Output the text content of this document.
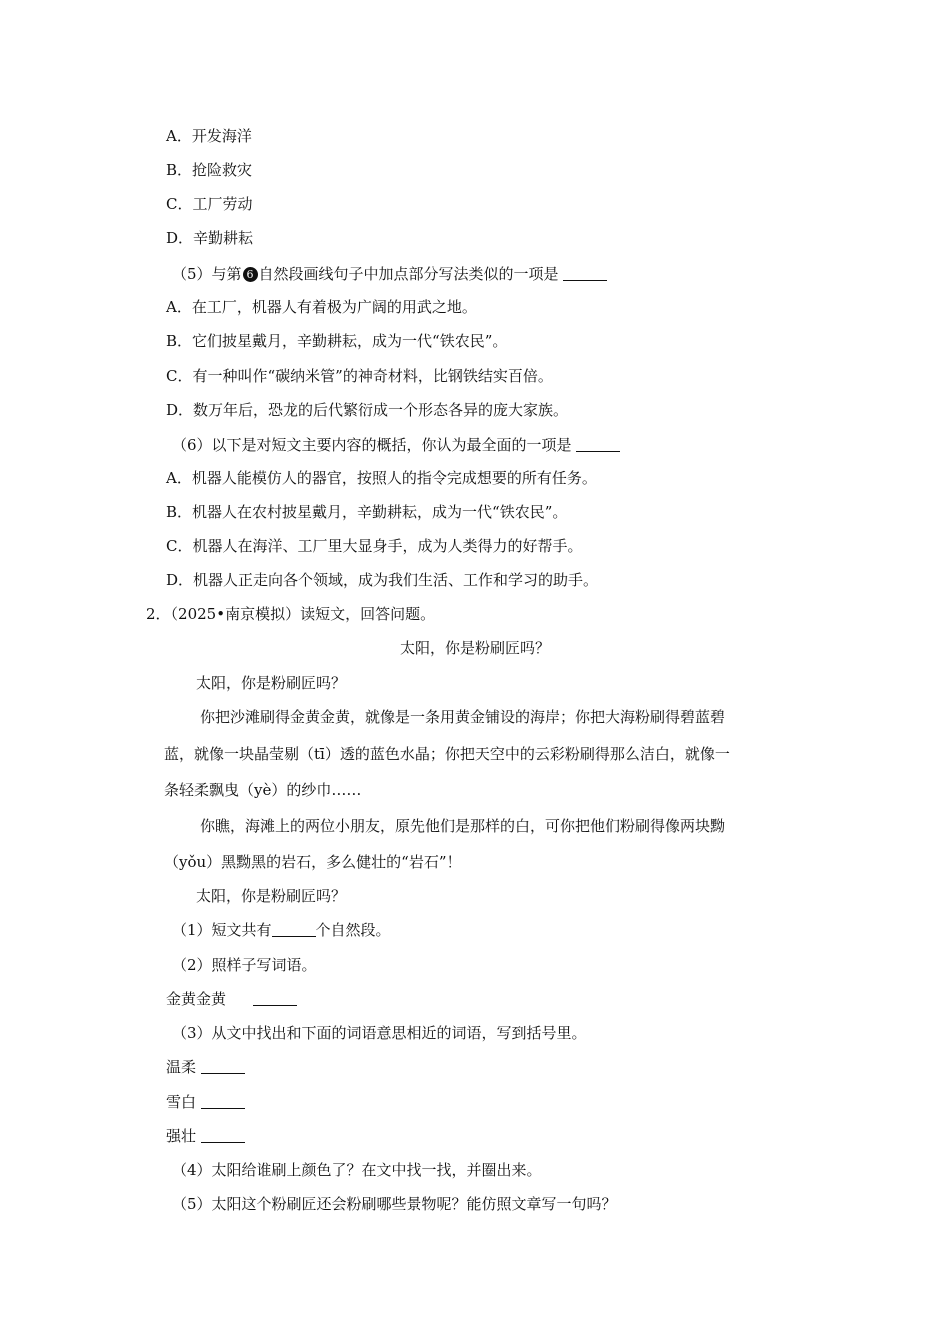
A．开发海洋
B．抢险救灾
C．工厂劳动
D．辛勤耕耘
（5）与第 6 自然段画线句子中加点部分写法类似的一项是
A．在工厂，机器人有着极为广阔的用武之地。
B．它们披星戴月，辛勤耕耘，成为一代“铁农民”。
C．有一种叫作“碳纳米管”的神奇材料，比钢铁结实百倍。
D．数万年后，恐龙的后代繁衍成一个形态各异的庞大家族。
（6）以下是对短文主要内容的概括，你认为最全面的一项是
A．机器人能模仿人的器官，按照人的指令完成想要的所有任务。
B．机器人在农村披星戴月，辛勤耕耘，成为一代“铁农民”。
C．机器人在海洋、工厂里大显身手，成为人类得力的好帮手。
D．机器人正走向各个领域，成为我们生活、工作和学习的助手。
2．（2025•南京模拟）读短文，回答问题。
太阳，你是粉刷匠吗？
太阳，你是粉刷匠吗？
你把沙滩刷得金黄金黄，就像是一条用黄金铺设的海岸；你把大海粉刷得碧蓝碧
蓝，就像一块晶莹剔（tī）透的蓝色水晶；你把天空中的云彩粉刷得那么洁白，就像一
条轻柔飘曳（yè）的纱巾……
你瞧，海滩上的两位小朋友，原先他们是那样的白，可你把他们粉刷得像两块黝
（yǒu）黑黝黑的岩石，多么健壮的“岩石”！
太阳，你是粉刷匠吗？
（1）短文共有	个自然段。
（2）照样子写词语。
金黄金黄
（3）从文中找出和下面的词语意思相近的词语，写到括号里。
温柔
雪白
强壮
（4）太阳给谁刷上颜色了？在文中找一找，并圈出来。
（5）太阳这个粉刷匠还会粉刷哪些景物呢？能仿照文章写一句吗？
